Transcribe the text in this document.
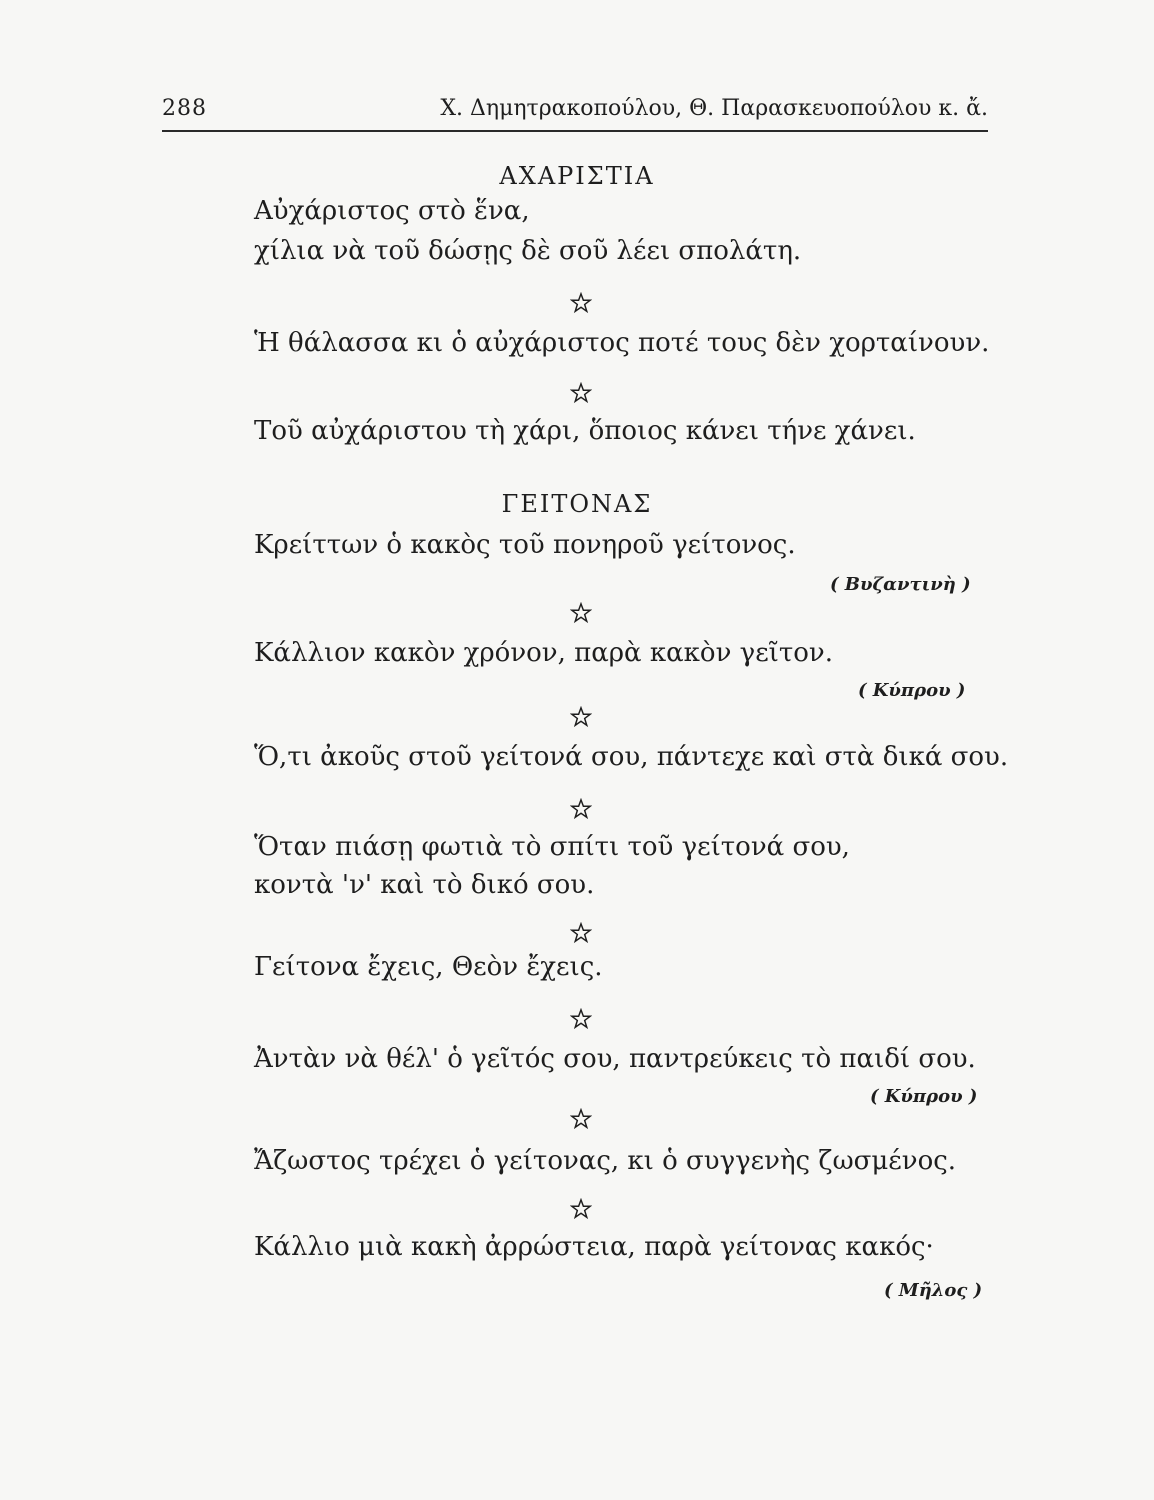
288	Χ. Δημητρακοπούλου, Θ. Παρασκευοπούλου κ. ἄ.
ΑΧΑΡΙΣΤΙΑ
Αὐχάριστος στὸ ἕνα,
χίλια νὰ τοῦ δώσῃς δὲ σοῦ λέει σπολάτη.
Ἡ θάλασσα κι ὁ αὐχάριστος ποτέ τους δὲν χορταίνουν.
Τοῦ αὐχάριστου τὴ χάρι, ὅποιος κάνει τήνε χάνει.
ΓΕΙΤΟΝΑΣ
Κρείττων ὁ κακὸς τοῦ πονηροῦ γείτονος.
( Βυζαντινὴ )
Κάλλιον κακὸν χρόνον, παρὰ κακὸν γεῖτον.
( Κύπρου )
Ὅ,τι ἀκοῦς στοῦ γείτονά σου, πάντεχε καὶ στὰ δικά σου.
Ὅταν πιάσῃ φωτιὰ τὸ σπίτι τοῦ γείτονά σου,
κοντὰ 'ν' καὶ τὸ δικό σου.
Γείτονα ἔχεις, Θεὸν ἔχεις.
Ἀντὰν νὰ θέλ' ὁ γεῖτός σου, παντρεύκεις τὸ παιδί σου.
( Κύπρου )
Ἄζωστος τρέχει ὁ γείτονας, κι ὁ συγγενὴς ζωσμένος.
Κάλλιο μιὰ κακὴ ἀρρώστεια, παρὰ γείτονας κακός·
( Μῆλος )
